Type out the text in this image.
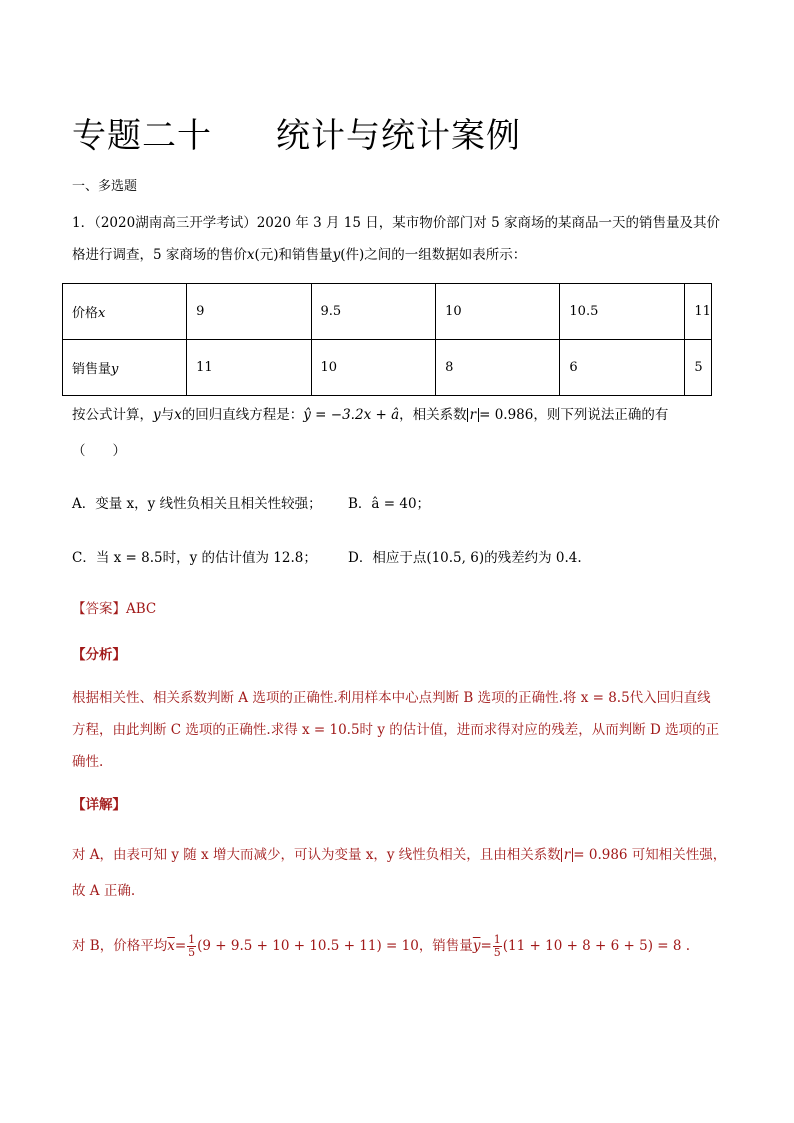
专题二十 统计与统计案例
一、多选题
1．（2020湖南高三开学考试）2020 年 3 月 15 日，某市物价部门对 5 家商场的某商品一天的销售量及其价
格进行调查，5 家商场的售价x(元)和销售量y(件)之间的一组数据如表所示：
价格x	9	9.5	10	10.5	11
销售量y	11	10	8	6	5
按公式计算，y与x的回归直线方程是：ŷ = −3.2x + â，相关系数 r = 0.986，则下列说法正确的有
（　　）
A．变量 x，y 线性负相关且相关性较强； B．â = 40；
C．当 x = 8.5时，y 的估计值为 12.8； D．相应于点(10.5, 6)的残差约为 0.4.
【答案】ABC
【分析】
根据相关性、相关系数判断 A 选项的正确性.利用样本中心点判断 B 选项的正确性.将 x = 8.5代入回归直线
方程，由此判断 C 选项的正确性.求得 x = 10.5时 y 的估计值，进而求得对应的残差，从而判断 D 选项的正
确性.
【详解】
对 A，由表可知 y 随 x 增大而减少，可认为变量 x，y 线性负相关，且由相关系数 r = 0.986 可知相关性强，
故 A 正确.
对 B，价格平均$\overline{x}= \frac{1}{5} (9 + 9.5 + 10 + 10.5 + 11) = 10$，销售量$\overline{y}= \frac{1}{5} (11 + 10 + 8 + 6 + 5) = 8$ .
